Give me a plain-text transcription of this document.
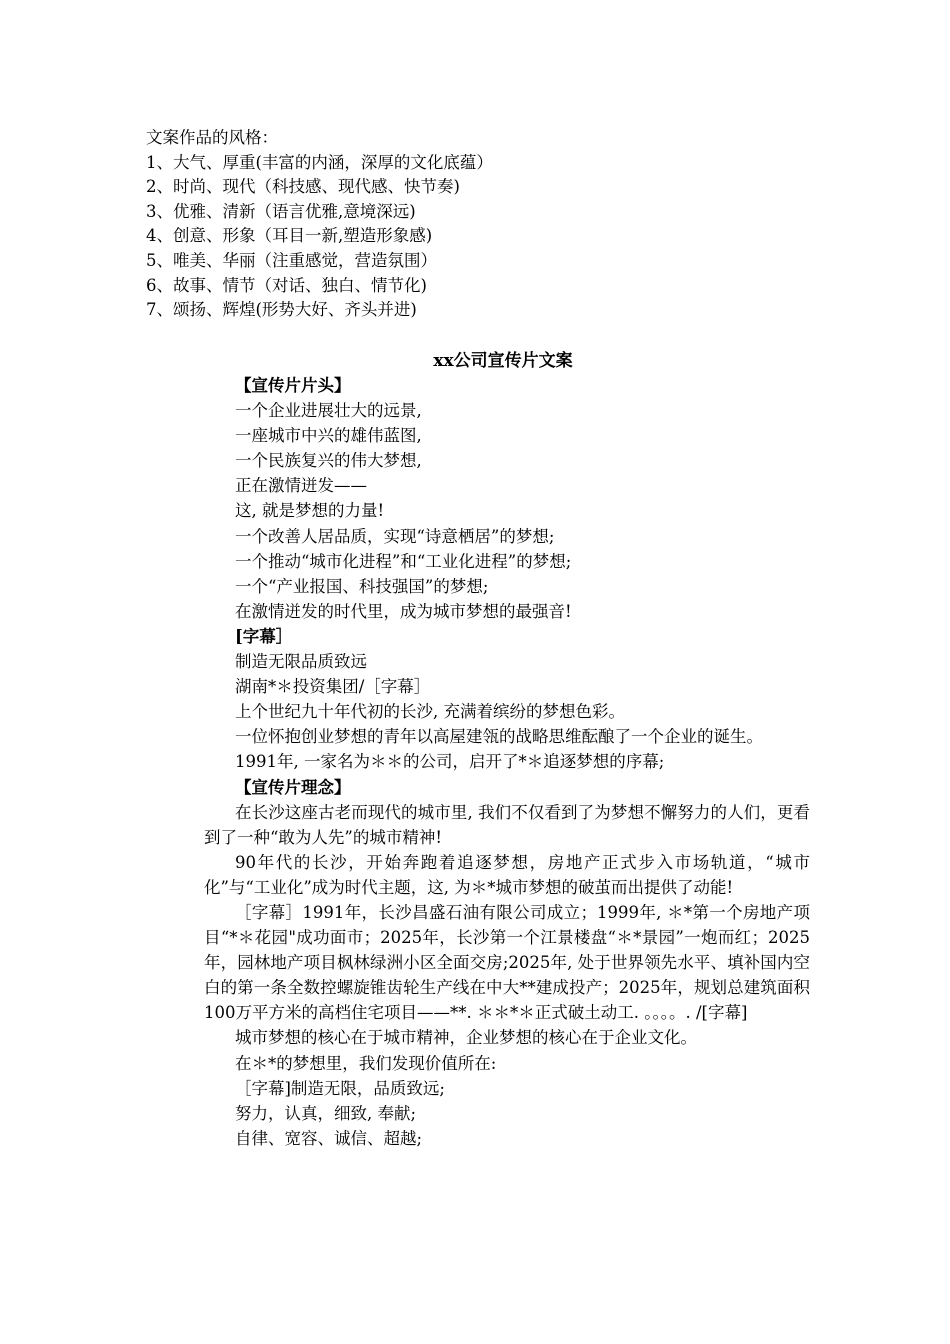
文案作品的风格：
1、大气、厚重(丰富的内涵，深厚的文化底蕴）
2、时尚、现代（科技感、现代感、快节奏)
3、优雅、清新（语言优雅,意境深远)
4、创意、形象（耳目一新,塑造形象感)
5、唯美、华丽（注重感觉，营造氛围）
6、故事、情节（对话、独白、情节化)
7、颂扬、辉煌(形势大好、齐头并进)
xx公司宣传片文案

【宣传片片头】

一个企业进展壮大的远景,

一座城市中兴的雄伟蓝图,

一个民族复兴的伟大梦想,

正在激情迸发——

这, 就是梦想的力量!

一个改善人居品质，实现“诗意栖居”的梦想;

一个推动“城市化进程”和“工业化进程”的梦想;

一个“产业报国、科技强国”的梦想;

在激情迸发的时代里，成为城市梦想的最强音!

[字幕］

制造无限品质致远

湖南*＊投资集团/［字幕］

上个世纪九十年代初的长沙, 充满着缤纷的梦想色彩。

一位怀抱创业梦想的青年以高屋建瓴的战略思维酝酿了一个企业的诞生。

1991年, 一家名为＊＊的公司，启开了*＊追逐梦想的序幕;

【宣传片理念】

在长沙这座古老而现代的城市里, 我们不仅看到了为梦想不懈努力的人们，更看到了一种“敢为人先”的城市精神!

90年代的长沙，开始奔跑着追逐梦想，房地产正式步入市场轨道，“城市化”与“工业化”成为时代主题，这, 为＊*城市梦想的破茧而出提供了动能!

［字幕］1991年，长沙昌盛石油有限公司成立；1999年, ＊*第一个房地产项目“*＊花园"成功面市；2025年，长沙第一个江景楼盘“＊*景园”一炮而红；2025年，园林地产项目枫林绿洲小区全面交房;2025年, 处于世界领先水平、填补国内空白的第一条全数控螺旋锥齿轮生产线在中大**建成投产；2025年，规划总建筑面积100万平方米的高档住宅项目——**. ＊＊*＊正式破土动工. 。。。。. /[字幕]

城市梦想的核心在于城市精神，企业梦想的核心在于企业文化。

在＊*的梦想里，我们发现价值所在:

［字幕]制造无限，品质致远;

努力，认真，细致, 奉献;

自律、宽容、诚信、超越;
